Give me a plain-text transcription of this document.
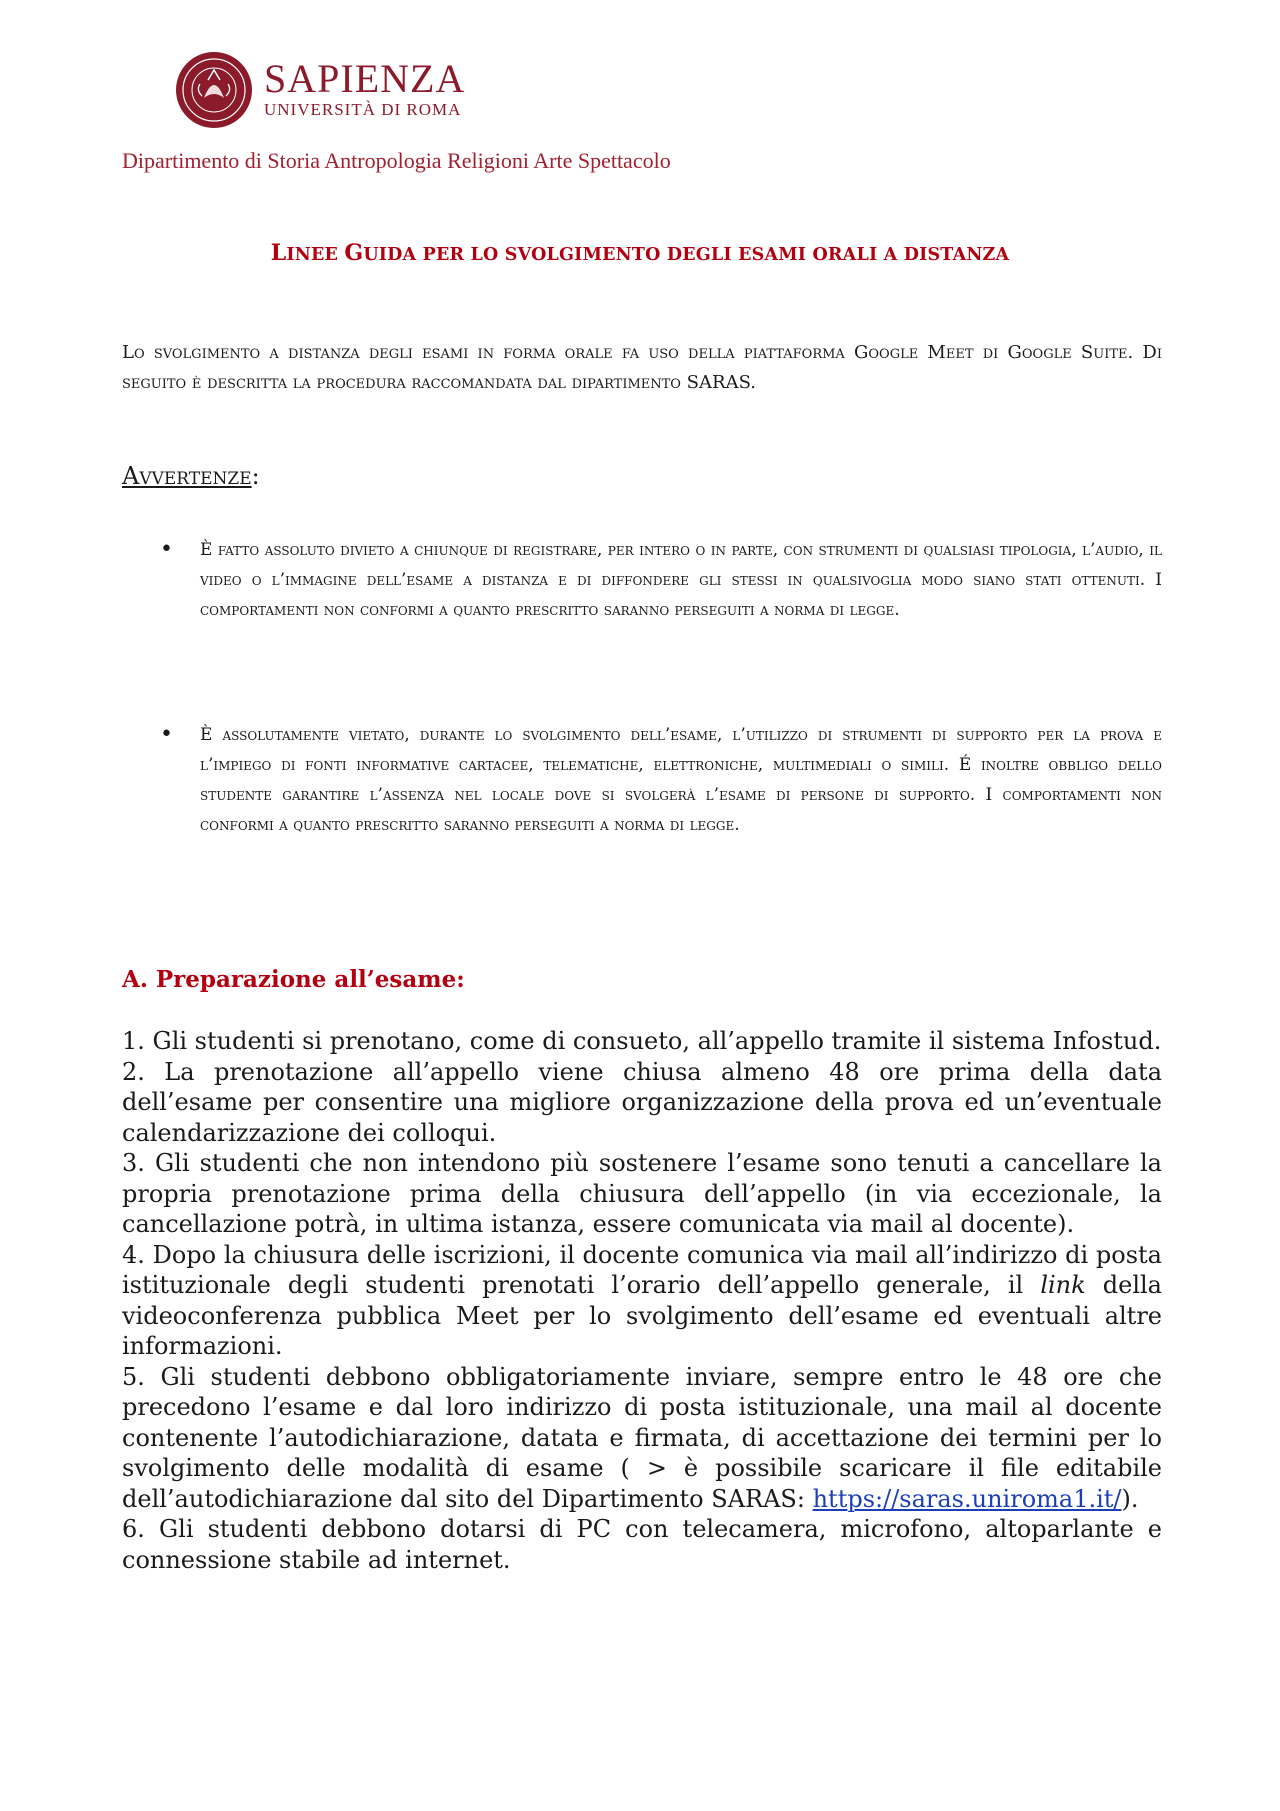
SAPIENZA
UNIVERSITÀ DI ROMA
Dipartimento di Storia Antropologia Religioni Arte Spettacolo
LINEE GUIDA PER LO SVOLGIMENTO DEGLI ESAMI ORALI A DISTANZA
Lo svolgimento a distanza degli esami in forma orale fa uso della piattaforma Google Meet di Google Suite. Di seguito è descritta la procedura raccomandata dal dipartimento SARAS.
Avvertenze:
• È fatto assoluto divieto a chiunque di registrare, per intero o in parte, con strumenti di qualsiasi tipologia, l’audio, il video o l’immagine dell’esame a distanza e di diffondere gli stessi in qualsivoglia modo siano stati ottenuti. I comportamenti non conformi a quanto prescritto saranno perseguiti a norma di legge.
• È assolutamente vietato, durante lo svolgimento dell’esame, l’utilizzo di strumenti di supporto per la prova e l’impiego di fonti informative cartacee, telematiche, elettroniche, multimediali o simili. É inoltre obbligo dello studente garantire l’assenza nel locale dove si svolgerà l’esame di persone di supporto. I comportamenti non conformi a quanto prescritto saranno perseguiti a norma di legge.
A. Preparazione all’esame:

1. Gli studenti si prenotano, come di consueto, all’appello tramite il sistema Infostud.

2. La prenotazione all’appello viene chiusa almeno 48 ore prima della data dell’esame per consentire una migliore organizzazione della prova ed un’eventuale calendarizzazione dei colloqui.

3. Gli studenti che non intendono più sostenere l’esame sono tenuti a cancellare la propria prenotazione prima della chiusura dell’appello (in via eccezionale, la cancellazione potrà, in ultima istanza, essere comunicata via mail al docente).

4. Dopo la chiusura delle iscrizioni, il docente comunica via mail all’indirizzo di posta istituzionale degli studenti prenotati l’orario dell’appello generale, il link della videoconferenza pubblica Meet per lo svolgimento dell’esame ed eventuali altre informazioni.

5. Gli studenti debbono obbligatoriamente inviare, sempre entro le 48 ore che precedono l’esame e dal loro indirizzo di posta istituzionale, una mail al docente contenente l’autodichiarazione, datata e firmata, di accettazione dei termini per lo svolgimento delle modalità di esame ( > è possibile scaricare il file editabile dell’autodichiarazione dal sito del Dipartimento SARAS: https://saras.uniroma1.it/).

6. Gli studenti debbono dotarsi di PC con telecamera, microfono, altoparlante e connessione stabile ad internet.
